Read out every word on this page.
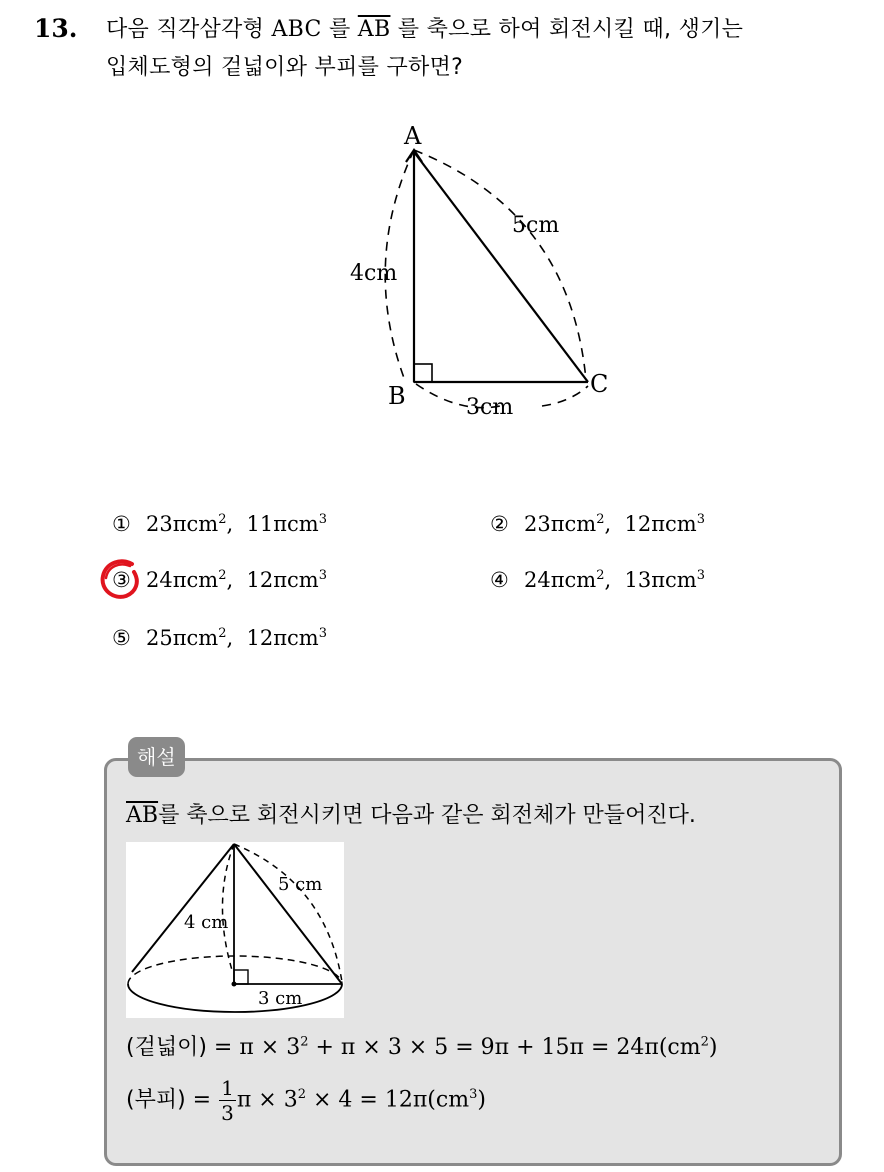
13. 다음 직각삼각형 ABC 를 $\overline{AB}$ 를 축으로 하여 회전시킬 때, 생기는
입체도형의 겉넓이와 부피를 구하면?
A
B	C
4cm
5cm
3cm
① 23πcm$^2$,  11πcm$^3$	② 23πcm$^2$,  12πcm$^3$
③ 24πcm$^2$,  12πcm$^3$	④ 24πcm$^2$,  13πcm$^3$
⑤ 25πcm$^2$,  12πcm$^3$
해설
$\overline{AB}$를 축으로 회전시키면 다음과 같은 회전체가 만들어진다.
5 cm
4 cm
3 cm
(겉넓이) = $\pi \times 3^2 + \pi \times 3 \times 5 = 9\pi + 15\pi = 24\pi(cm^2)$
(부피) = $\frac{1}{3}$ $\pi \times 3^2 \times 4 = 12\pi(cm^3)$
